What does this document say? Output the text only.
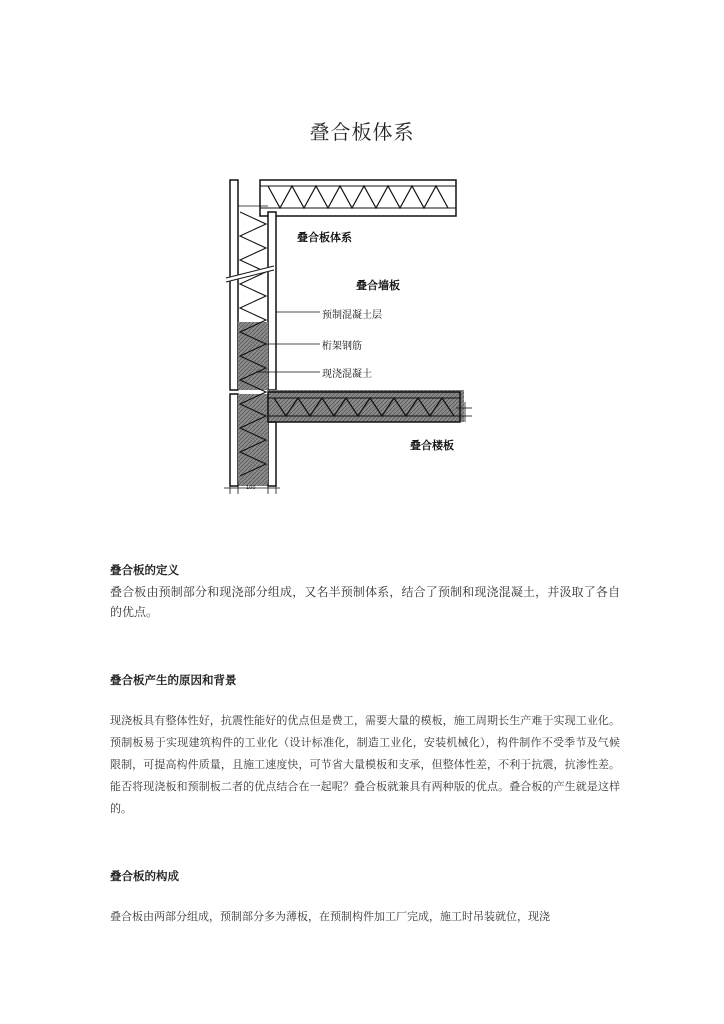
叠合板体系
叠合板体系
叠合墙板
预制混凝土层
桁架钢筋
现浇混凝土
叠合楼板
100
叠合板的定义

叠合板由预制部分和现浇部分组成，又名半预制体系，结合了预制和现浇混凝土，并汲取了各自的优点。

叠合板产生的原因和背景

现浇板具有整体性好，抗震性能好的优点但是费工，需要大量的模板，施工周期长生产难于实现工业化。预制板易于实现建筑构件的工业化（设计标准化，制造工业化，安装机械化），构件制作不受季节及气候限制，可提高构件质量，且施工速度快，可节省大量模板和支承，但整体性差，不利于抗震，抗渗性差。能否将现浇板和预制板二者的优点结合在一起呢？叠合板就兼具有两种版的优点。叠合板的产生就是这样的。

叠合板的构成

叠合板由两部分组成，预制部分多为薄板，在预制构件加工厂完成，施工时吊装就位，现浇
